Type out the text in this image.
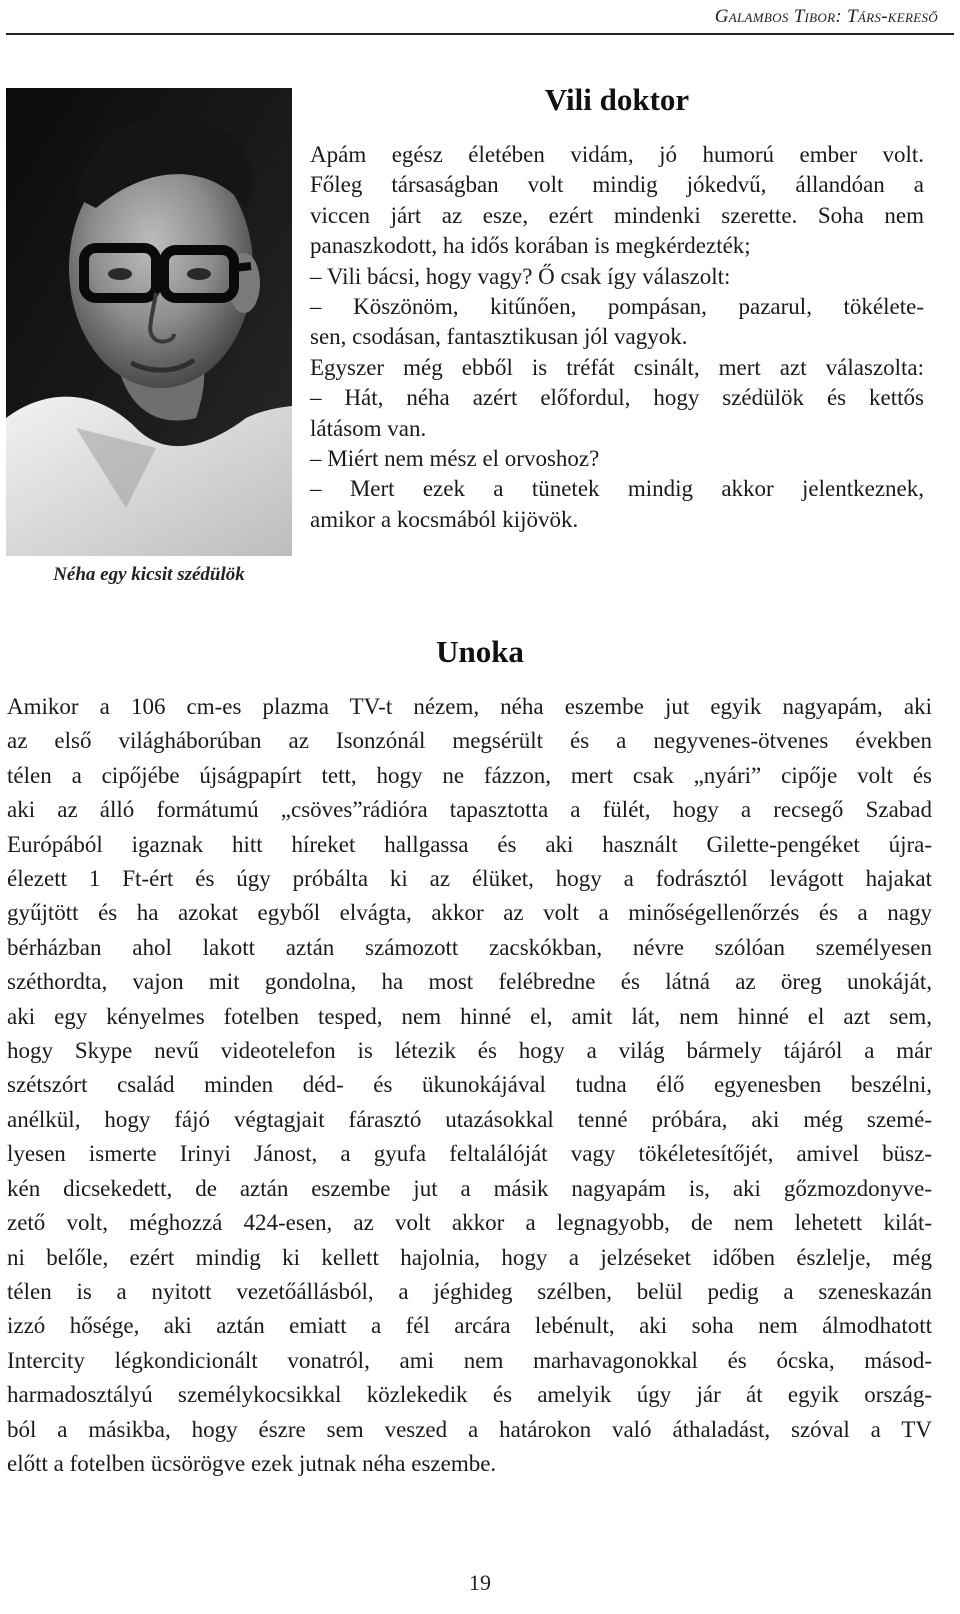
Galambos Tibor: Társ-kereső
Néha egy kicsit szédülök
Vili doktor
Apám egész életében vidám, jó humorú ember volt.
Főleg társaságban volt mindig jókedvű, állandóan a
viccen járt az esze, ezért mindenki szerette. Soha nem
panaszkodott, ha idős korában is megkérdezték;
– Vili bácsi, hogy vagy? Ő csak így válaszolt:
– Köszönöm, kitűnően, pompásan, pazarul, tökélete-
sen, csodásan, fantasztikusan jól vagyok.
Egyszer még ebből is tréfát csinált, mert azt válaszolta:
– Hát, néha azért előfordul, hogy szédülök és kettős
látásom van.
– Miért nem mész el orvoshoz?
– Mert ezek a tünetek mindig akkor jelentkeznek,
amikor a kocsmából kijövök.
Unoka
Amikor a 106 cm-es plazma TV-t nézem, néha eszembe jut egyik nagyapám, aki
az első világháborúban az Isonzónál megsérült és a negyvenes-ötvenes években
télen a cipőjébe újságpapírt tett, hogy ne fázzon, mert csak „nyári” cipője volt és
aki az álló formátumú „csöves”rádióra tapasztotta a fülét, hogy a recsegő Szabad
Európából igaznak hitt híreket hallgassa és aki használt Gilette-pengéket újra-
élezett 1 Ft-ért és úgy próbálta ki az élüket, hogy a fodrásztól levágott hajakat
gyűjtött és ha azokat egyből elvágta, akkor az volt a minőségellenőrzés és a nagy
bérházban ahol lakott aztán számozott zacskókban, névre szólóan személyesen
széthordta, vajon mit gondolna, ha most felébredne és látná az öreg unokáját,
aki egy kényelmes fotelben tesped, nem hinné el, amit lát, nem hinné el azt sem,
hogy Skype nevű videotelefon is létezik és hogy a világ bármely tájáról a már
szétszórt család minden déd- és ükunokájával tudna élő egyenesben beszélni,
anélkül, hogy fájó végtagjait fárasztó utazásokkal tenné próbára, aki még szemé-
lyesen ismerte Irinyi Jánost, a gyufa feltalálóját vagy tökéletesítőjét, amivel büsz-
kén dicsekedett, de aztán eszembe jut a másik nagyapám is, aki gőzmozdonyve-
zető volt, méghozzá 424-esen, az volt akkor a legnagyobb, de nem lehetett kilát-
ni belőle, ezért mindig ki kellett hajolnia, hogy a jelzéseket időben észlelje, még
télen is a nyitott vezetőállásból, a jéghideg szélben, belül pedig a szeneskazán
izzó hősége, aki aztán emiatt a fél arcára lebénult, aki soha nem álmodhatott
Intercity légkondicionált vonatról, ami nem marhavagonokkal és ócska, másod-
harmadosztályú személykocsikkal közlekedik és amelyik úgy jár át egyik ország-
ból a másikba, hogy észre sem veszed a határokon való áthaladást, szóval a TV
előtt a fotelben ücsörögve ezek jutnak néha eszembe.
19
